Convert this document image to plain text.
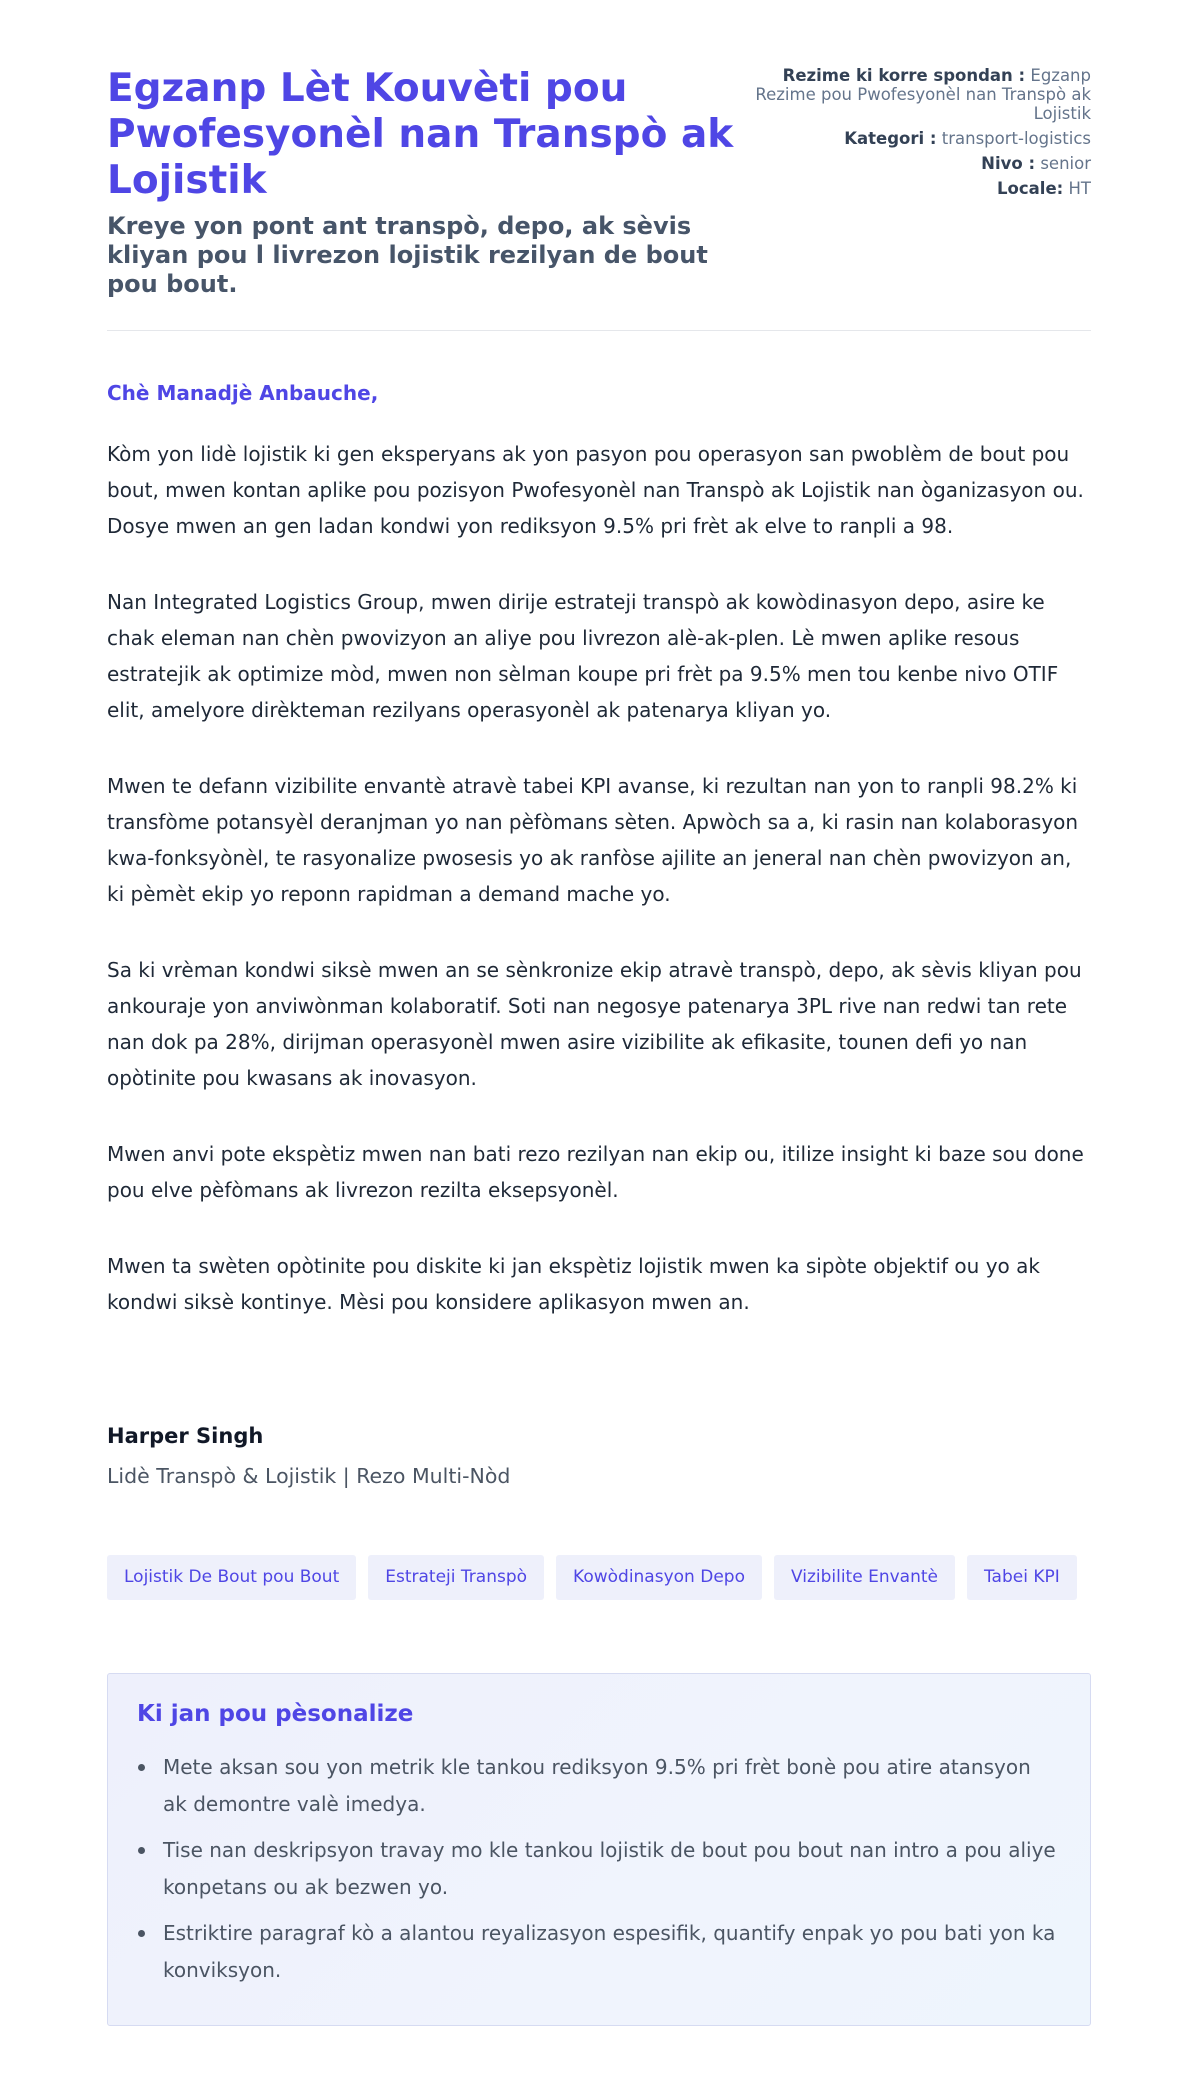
Egzanp Lèt Kouvèti pou Pwofesyonèl nan Transpò ak Lojistik
Kreye yon pont ant transpò, depo, ak sèvis kliyan pou l livrezon lojistik rezilyan de bout pou bout.
Rezime ki korre spondan : Egzanp Rezime pou Pwofesyonèl nan Transpò ak Lojistik
Kategori : transport-logistics
Nivo : senior
Locale: HT
Chè Manadjè Anbauche,

Kòm yon lidè lojistik ki gen eksperyans ak yon pasyon pou operasyon san pwoblèm de bout pou bout, mwen kontan aplike pou pozisyon Pwofesyonèl nan Transpò ak Lojistik nan òganizasyon ou. Dosye mwen an gen ladan kondwi yon rediksyon 9.5% pri frèt ak elve to ranpli a 98.

Nan Integrated Logistics Group, mwen dirije estrateji transpò ak kowòdinasyon depo, asire ke chak eleman nan chèn pwovizyon an aliye pou livrezon alè-ak-plen. Lè mwen aplike resous estratejik ak optimize mòd, mwen non sèlman koupe pri frèt pa 9.5% men tou kenbe nivo OTIF elit, amelyore dirèkteman rezilyans operasyonèl ak patenarya kliyan yo.

Mwen te defann vizibilite envantè atravè tabei KPI avanse, ki rezultan nan yon to ranpli 98.2% ki transfòme potansyèl deranjman yo nan pèfòmans sèten. Apwòch sa a, ki rasin nan kolaborasyon kwa-fonksyònèl, te rasyonalize pwosesis yo ak ranfòse ajilite an jeneral nan chèn pwovizyon an, ki pèmèt ekip yo reponn rapidman a demand mache yo.

Sa ki vrèman kondwi siksè mwen an se sènkronize ekip atravè transpò, depo, ak sèvis kliyan pou ankouraje yon anviwònman kolaboratif. Soti nan negosye patenarya 3PL rive nan redwi tan rete nan dok pa 28%, dirijman operasyonèl mwen asire vizibilite ak efikasite, tounen defi yo nan opòtinite pou kwasans ak inovasyon.

Mwen anvi pote ekspètiz mwen nan bati rezo rezilyan nan ekip ou, itilize insight ki baze sou done pou elve pèfòmans ak livrezon rezilta eksepsyonèl.

Mwen ta swèten opòtinite pou diskite ki jan ekspètiz lojistik mwen ka sipòte objektif ou yo ak kondwi siksè kontinye. Mèsi pou konsidere aplikasyon mwen an.

Harper Singh
Lidè Transpò & Lojistik | Rezo Multi-Nòd
Lojistik De Bout pou Bout	Estrateji Transpò	Kowòdinasyon Depo	Vizibilite Envantè	Tabei KPI
Ki jan pou pèsonalize
Mete aksan sou yon metrik kle tankou rediksyon 9.5% pri frèt bonè pou atire atansyon ak demontre valè imedya.
Tise nan deskripsyon travay mo kle tankou lojistik de bout pou bout nan intro a pou aliye konpetans ou ak bezwen yo.
Estriktire paragraf kò a alantou reyalizasyon espesifik, quantify enpak yo pou bati yon ka konviksyon.
